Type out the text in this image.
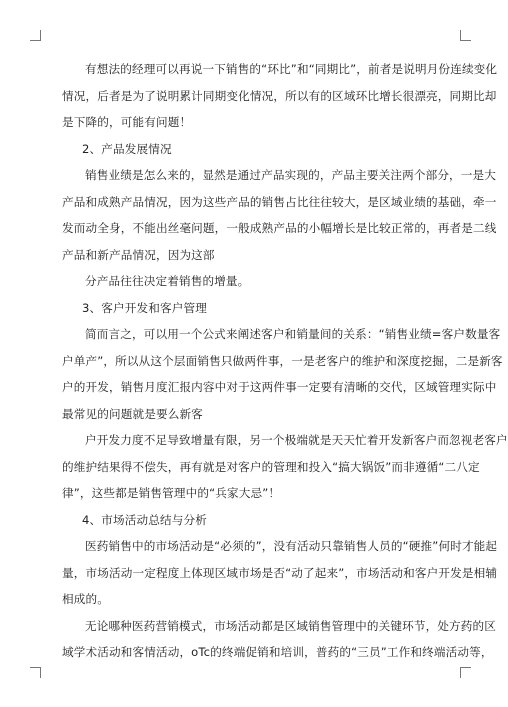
有想法的经理可以再说一下销售的“环比”和“同期比”，前者是说明月份连续变化
情况，后者是为了说明累计同期变化情况，所以有的区域环比增长很漂亮，同期比却
是下降的，可能有问题！
2、产品发展情况
销售业绩是怎么来的，显然是通过产品实现的，产品主要关注两个部分，一是大
产品和成熟产品情况，因为这些产品的销售占比往往较大，是区域业绩的基础，牵一
发而动全身，不能出丝毫问题，一般成熟产品的小幅增长是比较正常的，再者是二线
产品和新产品情况，因为这部
分产品往往决定着销售的增量。
3、客户开发和客户管理
简而言之，可以用一个公式来阐述客户和销量间的关系：“销售业绩=客户数量客
户单产”，所以从这个层面销售只做两件事，一是老客户的维护和深度挖掘，二是新客
户的开发，销售月度汇报内容中对于这两件事一定要有清晰的交代，区域管理实际中
最常见的问题就是要么新客
户开发力度不足导致增量有限，另一个极端就是天天忙着开发新客户而忽视老客户
的维护结果得不偿失，再有就是对客户的管理和投入“搞大锅饭”而非遵循“二八定
律”，这些都是销售管理中的“兵家大忌”！
4、市场活动总结与分析
医药销售中的市场活动是“必须的”，没有活动只靠销售人员的“硬推”何时才能起
量，市场活动一定程度上体现区域市场是否“动了起来”，市场活动和客户开发是相辅
相成的。
无论哪种医药营销模式，市场活动都是区域销售管理中的关键环节，处方药的区
域学术活动和客情活动，oTc的终端促销和培训，普药的“三员”工作和终端活动等，
